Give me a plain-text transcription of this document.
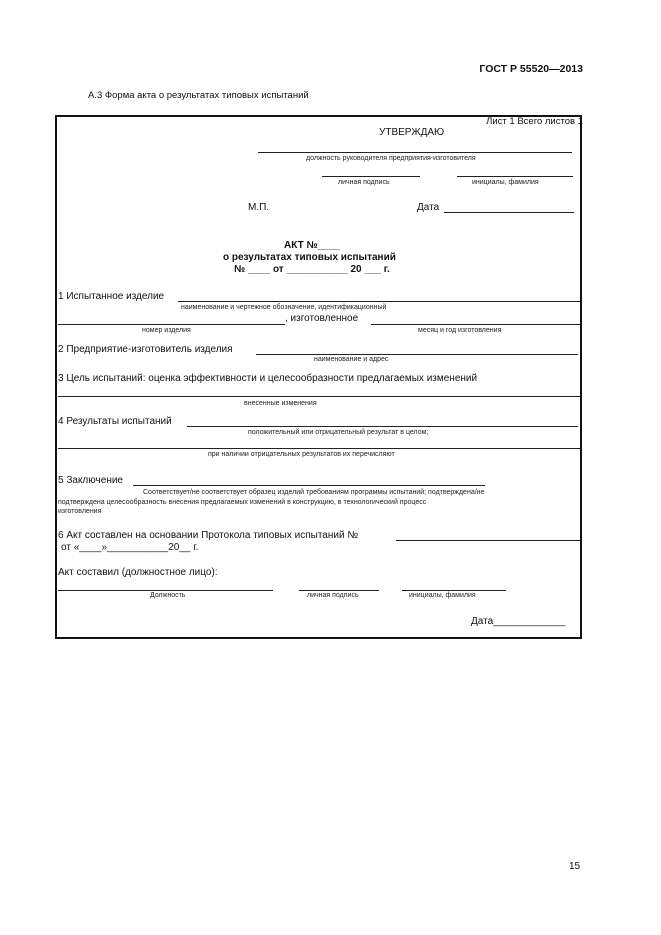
ГОСТ Р 55520—2013
А.3 Форма акта о результатах типовых испытаний
Лист 1 Всего листов 1
УТВЕРЖДАЮ
должность руководителя предприятия-изготовителя
личная подпись	инициалы, фамилия
М.П.	Дата
АКТ №____
о результатах типовых испытаний
№ ____ от ___________ 20 ___ г.
1 Испытанное изделие
наименование и чертежное обозначение, идентификационный
, изготовленное
номер изделия	месяц и год изготовления
2 Предприятие-изготовитель изделия
наименование и адрес
3 Цель испытаний: оценка эффективности и целесообразности предлагаемых изменений
внесенные изменения
4 Результаты испытаний
положительный или отрицательный результат в целом;
при наличии отрицательных результатов их перечисляют
5 Заключение
Соответствует/не соответствует образец изделий требованиям программы испытаний; подтверждена/не
подтверждена целесообразность внесения предлагаемых изменений в конструкцию, в технологический процесс
изготовления
6 Акт составлен на основании Протокола типовых испытаний №
от «____»___________20__ г.
Акт составил (должностное лицо):
Должность	личная подпись	инициалы, фамилия
Дата_____________
15
